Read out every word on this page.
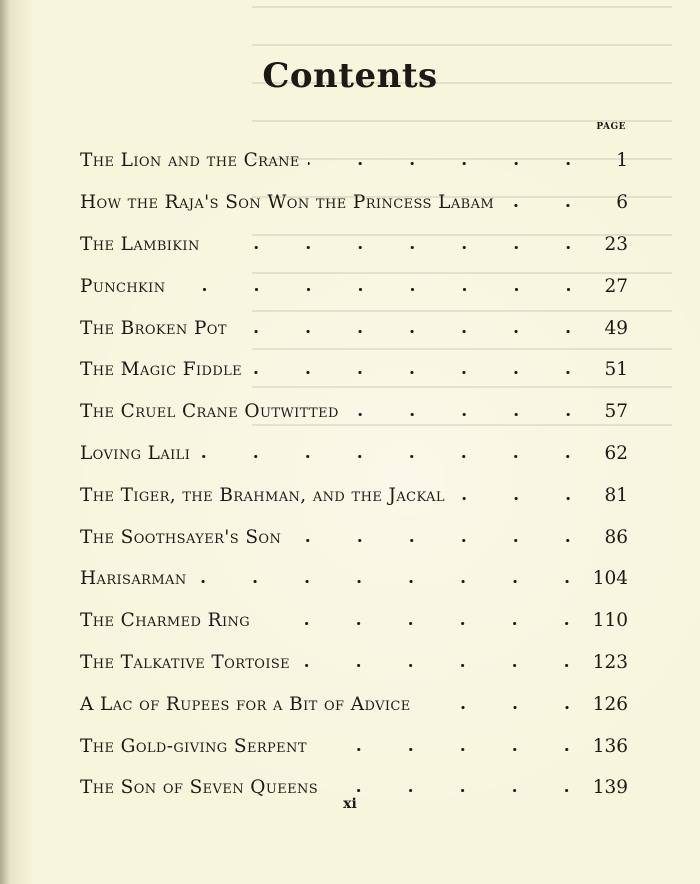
Contents
PAGE
The Lion and the Crane	1
How the Raja's Son Won the Princess Labam	6
The Lambikin	23
Punchkin	27
The Broken Pot	49
The Magic Fiddle	51
The Cruel Crane Outwitted	57
Loving Laili	62
The Tiger, the Brahman, and the Jackal	81
The Soothsayer's Son	86
Harisarman	104
The Charmed Ring	110
The Talkative Tortoise	123
A Lac of Rupees for a Bit of Advice	126
The Gold-giving Serpent	136
The Son of Seven Queens	139
xi
